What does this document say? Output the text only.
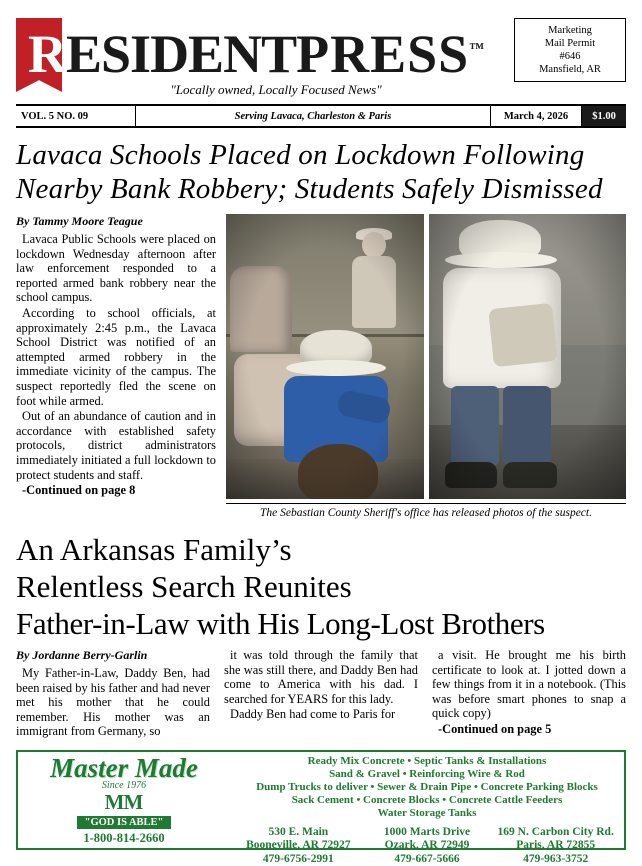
RESIDENTPRESS™
"Locally owned, Locally Focused News"
Marketing
Mail Permit
#646
Mansfield, AR
VOL. 5 NO. 09	Serving Lavaca, Charleston & Paris	March 4, 2026	$1.00
Lavaca Schools Placed on Lockdown Following
Nearby Bank Robbery; Students Safely Dismissed
By Tammy Moore Teague

Lavaca Public Schools were placed on lockdown Wednesday afternoon after law enforcement responded to a reported armed bank robbery near the school campus.

According to school officials, at approximately 2:45 p.m., the Lavaca School District was notified of an attempted armed robbery in the immediate vicinity of the campus. The suspect reportedly fled the scene on foot while armed.

Out of an abundance of caution and in accordance with established safety protocols, district administrators immediately initiated a full lockdown to protect students and staff.

-Continued on page 8

The Sebastian County Sheriff's office has released photos of the suspect.
An Arkansas Family’s
Relentless Search Reunites
Father-in-Law with His Long-Lost Brothers
By Jordanne Berry-Garlin

My Father-in-Law, Daddy Ben, had been raised by his father and had never met his mother that he could remember. His mother was an immigrant from Germany, so

it was told through the family that she was still there, and Daddy Ben had come to America with his dad. I searched for YEARS for this lady.

Daddy Ben had come to Paris for

a visit. He brought me his birth certificate to look at. I jotted down a few things from it in a notebook. (This was before smart phones to snap a quick copy)

-Continued on page 5

Master Made
Since 1976
MM
"GOD IS ABLE"
1-800-814-2660
Ready Mix Concrete • Septic Tanks & Installations
Sand & Gravel • Reinforcing Wire & Rod
Dump Trucks to deliver • Sewer & Drain Pipe • Concrete Parking Blocks
Sack Cement • Concrete Blocks • Concrete Cattle Feeders
Water Storage Tanks
530 E. Main
Booneville, AR 72927
479-6756-2991
1000 Marts Drive
Ozark, AR 72949
479-667-5666
169 N. Carbon City Rd.
Paris, AR 72855
479-963-3752
